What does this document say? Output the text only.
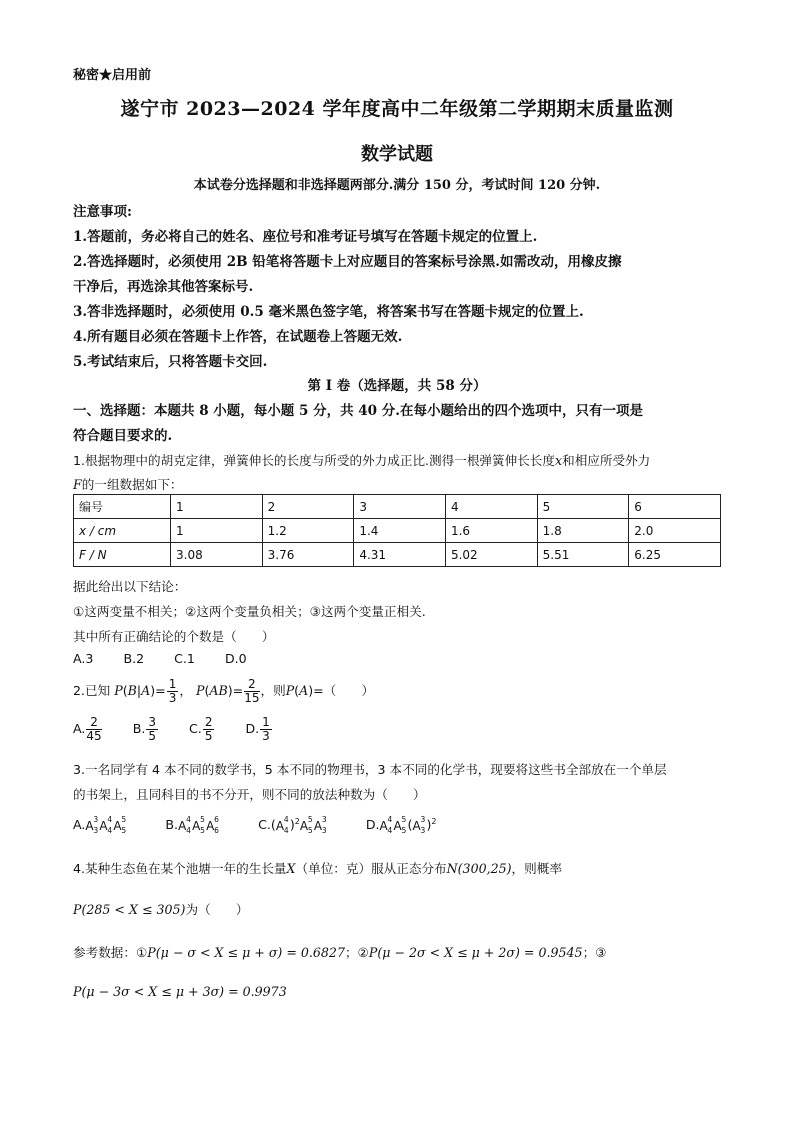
秘密★启用前
遂宁市 2023—2024 学年度高中二年级第二学期期末质量监测
数学试题
本试卷分选择题和非选择题两部分.满分 150 分，考试时间 120 分钟.
注意事项:
1.答题前，务必将自己的姓名、座位号和准考证号填写在答题卡规定的位置上.
2.答选择题时，必须使用 2B 铅笔将答题卡上对应题目的答案标号涂黑.如需改动，用橡皮擦
干净后，再选涂其他答案标号.
3.答非选择题时，必须使用 0.5 毫米黑色签字笔，将答案书写在答题卡规定的位置上.
4.所有题目必须在答题卡上作答，在试题卷上答题无效.
5.考试结束后，只将答题卡交回.
第 I 卷（选择题，共 58 分）
一、选择题：本题共 8 小题，每小题 5 分，共 40 分.在每小题给出的四个选项中，只有一项是
符合题目要求的.
1.根据物理中的胡克定律，弹簧伸长的长度与所受的外力成正比.测得一根弹簧伸长长度x和相应所受外力
F的一组数据如下：
编号	1	2	3	4	5	6
x / cm	1	1.2	1.4	1.6	1.8	2.0
F / N	3.08	3.76	4.31	5.02	5.51	6.25
据此给出以下结论：
①这两变量不相关；②这两个变量负相关；③这两个变量正相关.
其中所有正确结论的个数是（　　）
A.3 B.2 C.1 D.0
2.已知 $P(B|A)= \frac{1}{3}$ ， $P(AB)= \frac{2}{15}$ ，则P(A)=（　　）
A. $\frac{2}{45} B$. $\frac{3}{5} C$. $\frac{2}{5} D$. $\frac{1}{3}$
3.一名同学有 4 本不同的数学书，5 本不同的物理书，3 本不同的化学书，现要将这些书全部放在一个单层
的书架上，且同科目的书不分开，则不同的放法种数为（　　）
A. A 3
3 A 4
4 A 5
5	B. A 4
4 A 5
5 A 6
6	C.( A 4
4 )$^2$ A 5
5 A 3
3	D. A 4
4 A 5
5 ( A 3
3 )$^2$
4.某种生态鱼在某个池塘一年的生长量X（单位：克）服从正态分布N(300,25)，则概率
P(285 < X ≤ 305)为（　　）
参考数据：①P(μ − σ < X ≤ μ + σ) = 0.6827；②P(μ − 2σ < X ≤ μ + 2σ) = 0.9545；③
P(μ − 3σ < X ≤ μ + 3σ) = 0.9973
